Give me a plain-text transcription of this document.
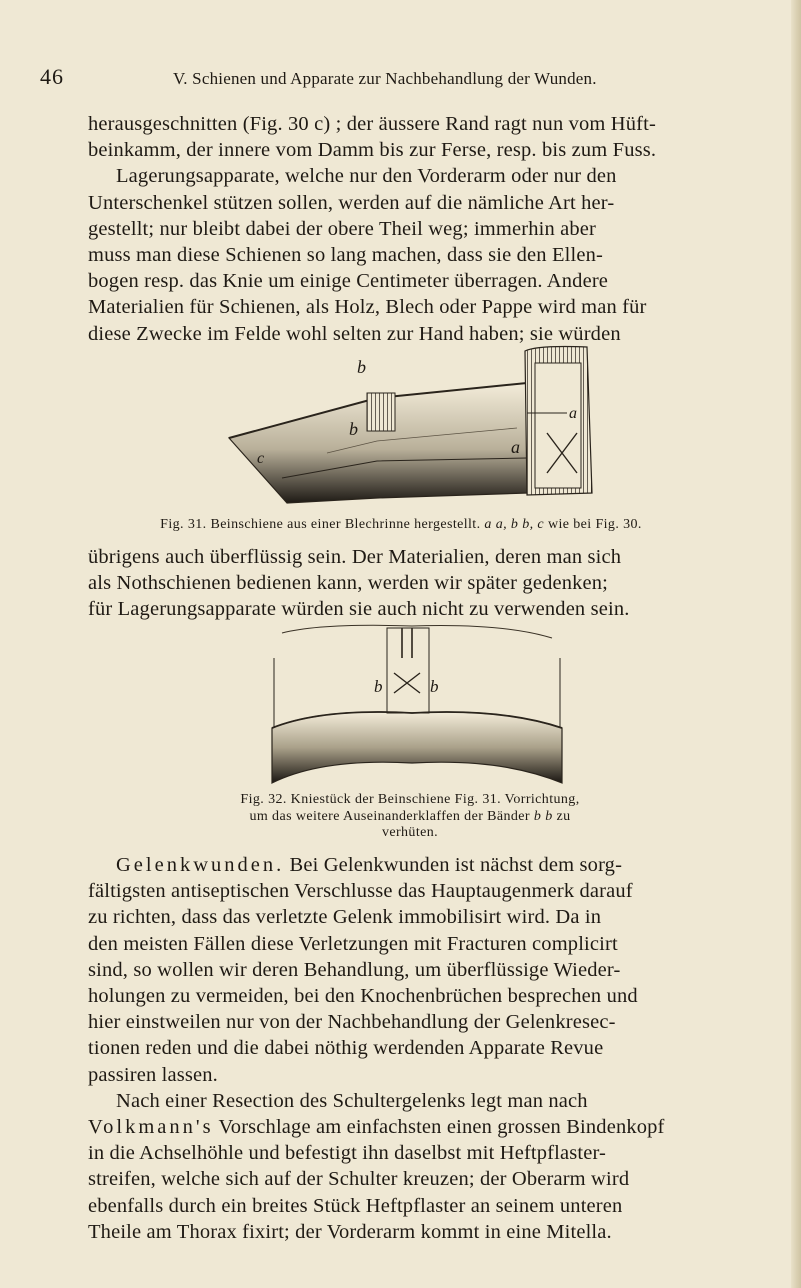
46	V. Schienen und Apparate zur Nachbehandlung der Wunden.

herausgeschnitten (Fig. 30 c) ; der äussere Rand ragt nun vom Hüft-

beinkamm, der innere vom Damm bis zur Ferse, resp. bis zum Fuss.

Lagerungsapparate, welche nur den Vorderarm oder nur den

Unterschenkel stützen sollen, werden auf die nämliche Art her-

gestellt; nur bleibt dabei der obere Theil weg; immerhin aber

muss man diese Schienen so lang machen, dass sie den Ellen-

bogen resp. das Knie um einige Centimeter überragen. Andere

Materialien für Schienen, als Holz, Blech oder Pappe wird man für

diese Zwecke im Felde wohl selten zur Hand haben; sie würden

b
b
a
a
c
Fig. 31. Beinschiene aus einer Blechrinne hergestellt. a a, b b, c wie bei Fig. 30.

übrigens auch überflüssig sein. Der Materialien, deren man sich

als Nothschienen bedienen kann, werden wir später gedenken;

für Lagerungsapparate würden sie auch nicht zu verwenden sein.

b	b
Fig. 32. Kniestück der Beinschiene Fig. 31. Vorrichtung,
um das weitere Auseinanderklaffen der Bänder b b zu
verhüten.

Gelenkwunden. Bei Gelenkwunden ist nächst dem sorg-

fältigsten antiseptischen Verschlusse das Hauptaugenmerk darauf

zu richten, dass das verletzte Gelenk immobilisirt wird. Da in

den meisten Fällen diese Verletzungen mit Fracturen complicirt

sind, so wollen wir deren Behandlung, um überflüssige Wieder-

holungen zu vermeiden, bei den Knochenbrüchen besprechen und

hier einstweilen nur von der Nachbehandlung der Gelenkresec-

tionen reden und die dabei nöthig werdenden Apparate Revue

passiren lassen.

Nach einer Resection des Schultergelenks legt man nach

Volkmann's Vorschlage am einfachsten einen grossen Bindenkopf

in die Achselhöhle und befestigt ihn daselbst mit Heftpflaster-

streifen, welche sich auf der Schulter kreuzen; der Oberarm wird

ebenfalls durch ein breites Stück Heftpflaster an seinem unteren

Theile am Thorax fixirt; der Vorderarm kommt in eine Mitella.
